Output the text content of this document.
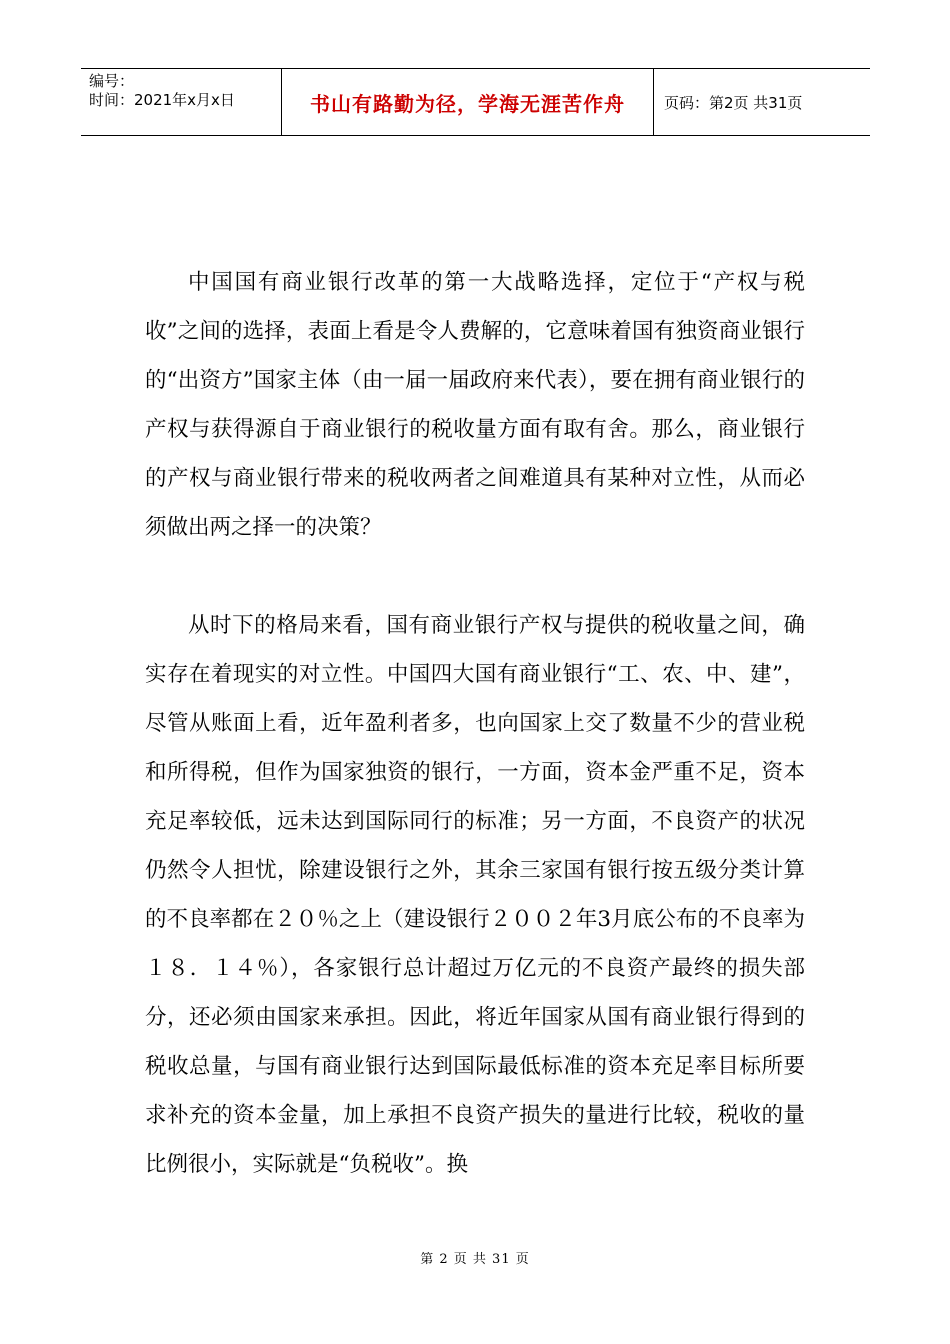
编号：
时间：2021年x月x日	书山有路勤为径，学海无涯苦作舟	页码：第2页 共31页

中国国有商业银行改革的第一大战略选择，定位于“产权与税收”之间的选择，表面上看是令人费解的，它意味着国有独资商业银行的“出资方”国家主体（由一届一届政府来代表），要在拥有商业银行的产权与获得源自于商业银行的税收量方面有取有舍。那么，商业银行的产权与商业银行带来的税收两者之间难道具有某种对立性，从而必须做出两之择一的决策？

从时下的格局来看，国有商业银行产权与提供的税收量之间，确实存在着现实的对立性。中国四大国有商业银行“工、农、中、建”，尽管从账面上看，近年盈利者多，也向国家上交了数量不少的营业税和所得税，但作为国家独资的银行，一方面，资本金严重不足，资本充足率较低，远未达到国际同行的标准；另一方面，不良资产的状况仍然令人担忧，除建设银行之外，其余三家国有银行按五级分类计算的不良率都在２０％之上（建设银行２００２年3月底公布的不良率为１８．１４％），各家银行总计超过万亿元的不良资产最终的损失部分，还必须由国家来承担。因此，将近年国家从国有商业银行得到的税收总量，与国有商业银行达到国际最低标准的资本充足率目标所要求补充的资本金量，加上承担不良资产损失的量进行比较，税收的量比例很小，实际就是“负税收”。换

第 2 页 共 31 页
